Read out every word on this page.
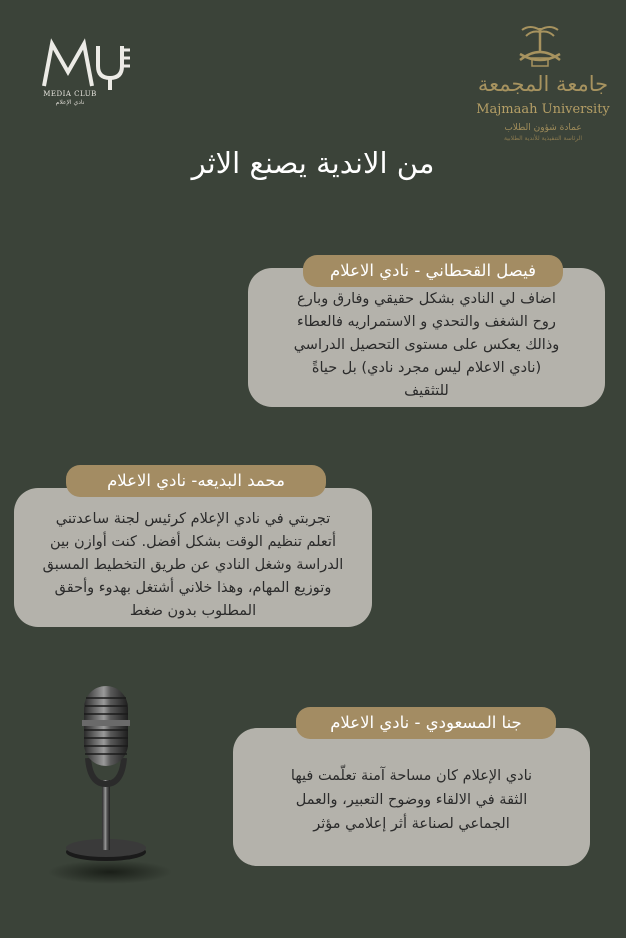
MEDIA CLUB
نادي الإعلام
جامعة المجمعة
Majmaah University
عمادة شؤون الطلاب
الرئاسة التنفيذية للأندية الطلابية
من الاندية يصنع الاثر
اضاف لي النادي بشكل حقيقي وفارق وبارع
روح الشغف والتحدي و الاستمراريه فالعطاء
وذالك يعكس على مستوى التحصيل الدراسي
(نادي الاعلام ليس مجرد نادي) بل حياةً
للتثقيف
فيصل القحطاني - نادي الاعلام
تجربتي في نادي الإعلام كرئيس لجنة ساعدتني
أتعلم تنظيم الوقت بشكل أفضل. كنت أوازن بين
الدراسة وشغل النادي عن طريق التخطيط المسبق
وتوزيع المهام، وهذا خلاني أشتغل بهدوء وأحقق
المطلوب بدون ضغط
محمد البديعه- نادي الاعلام
نادي الإعلام كان مساحة آمنة تعلّمت فيها
الثقة في الالقاء ووضوح التعبير، والعمل
الجماعي لصناعة أثر إعلامي مؤثر
جنا المسعودي - نادي الاعلام
